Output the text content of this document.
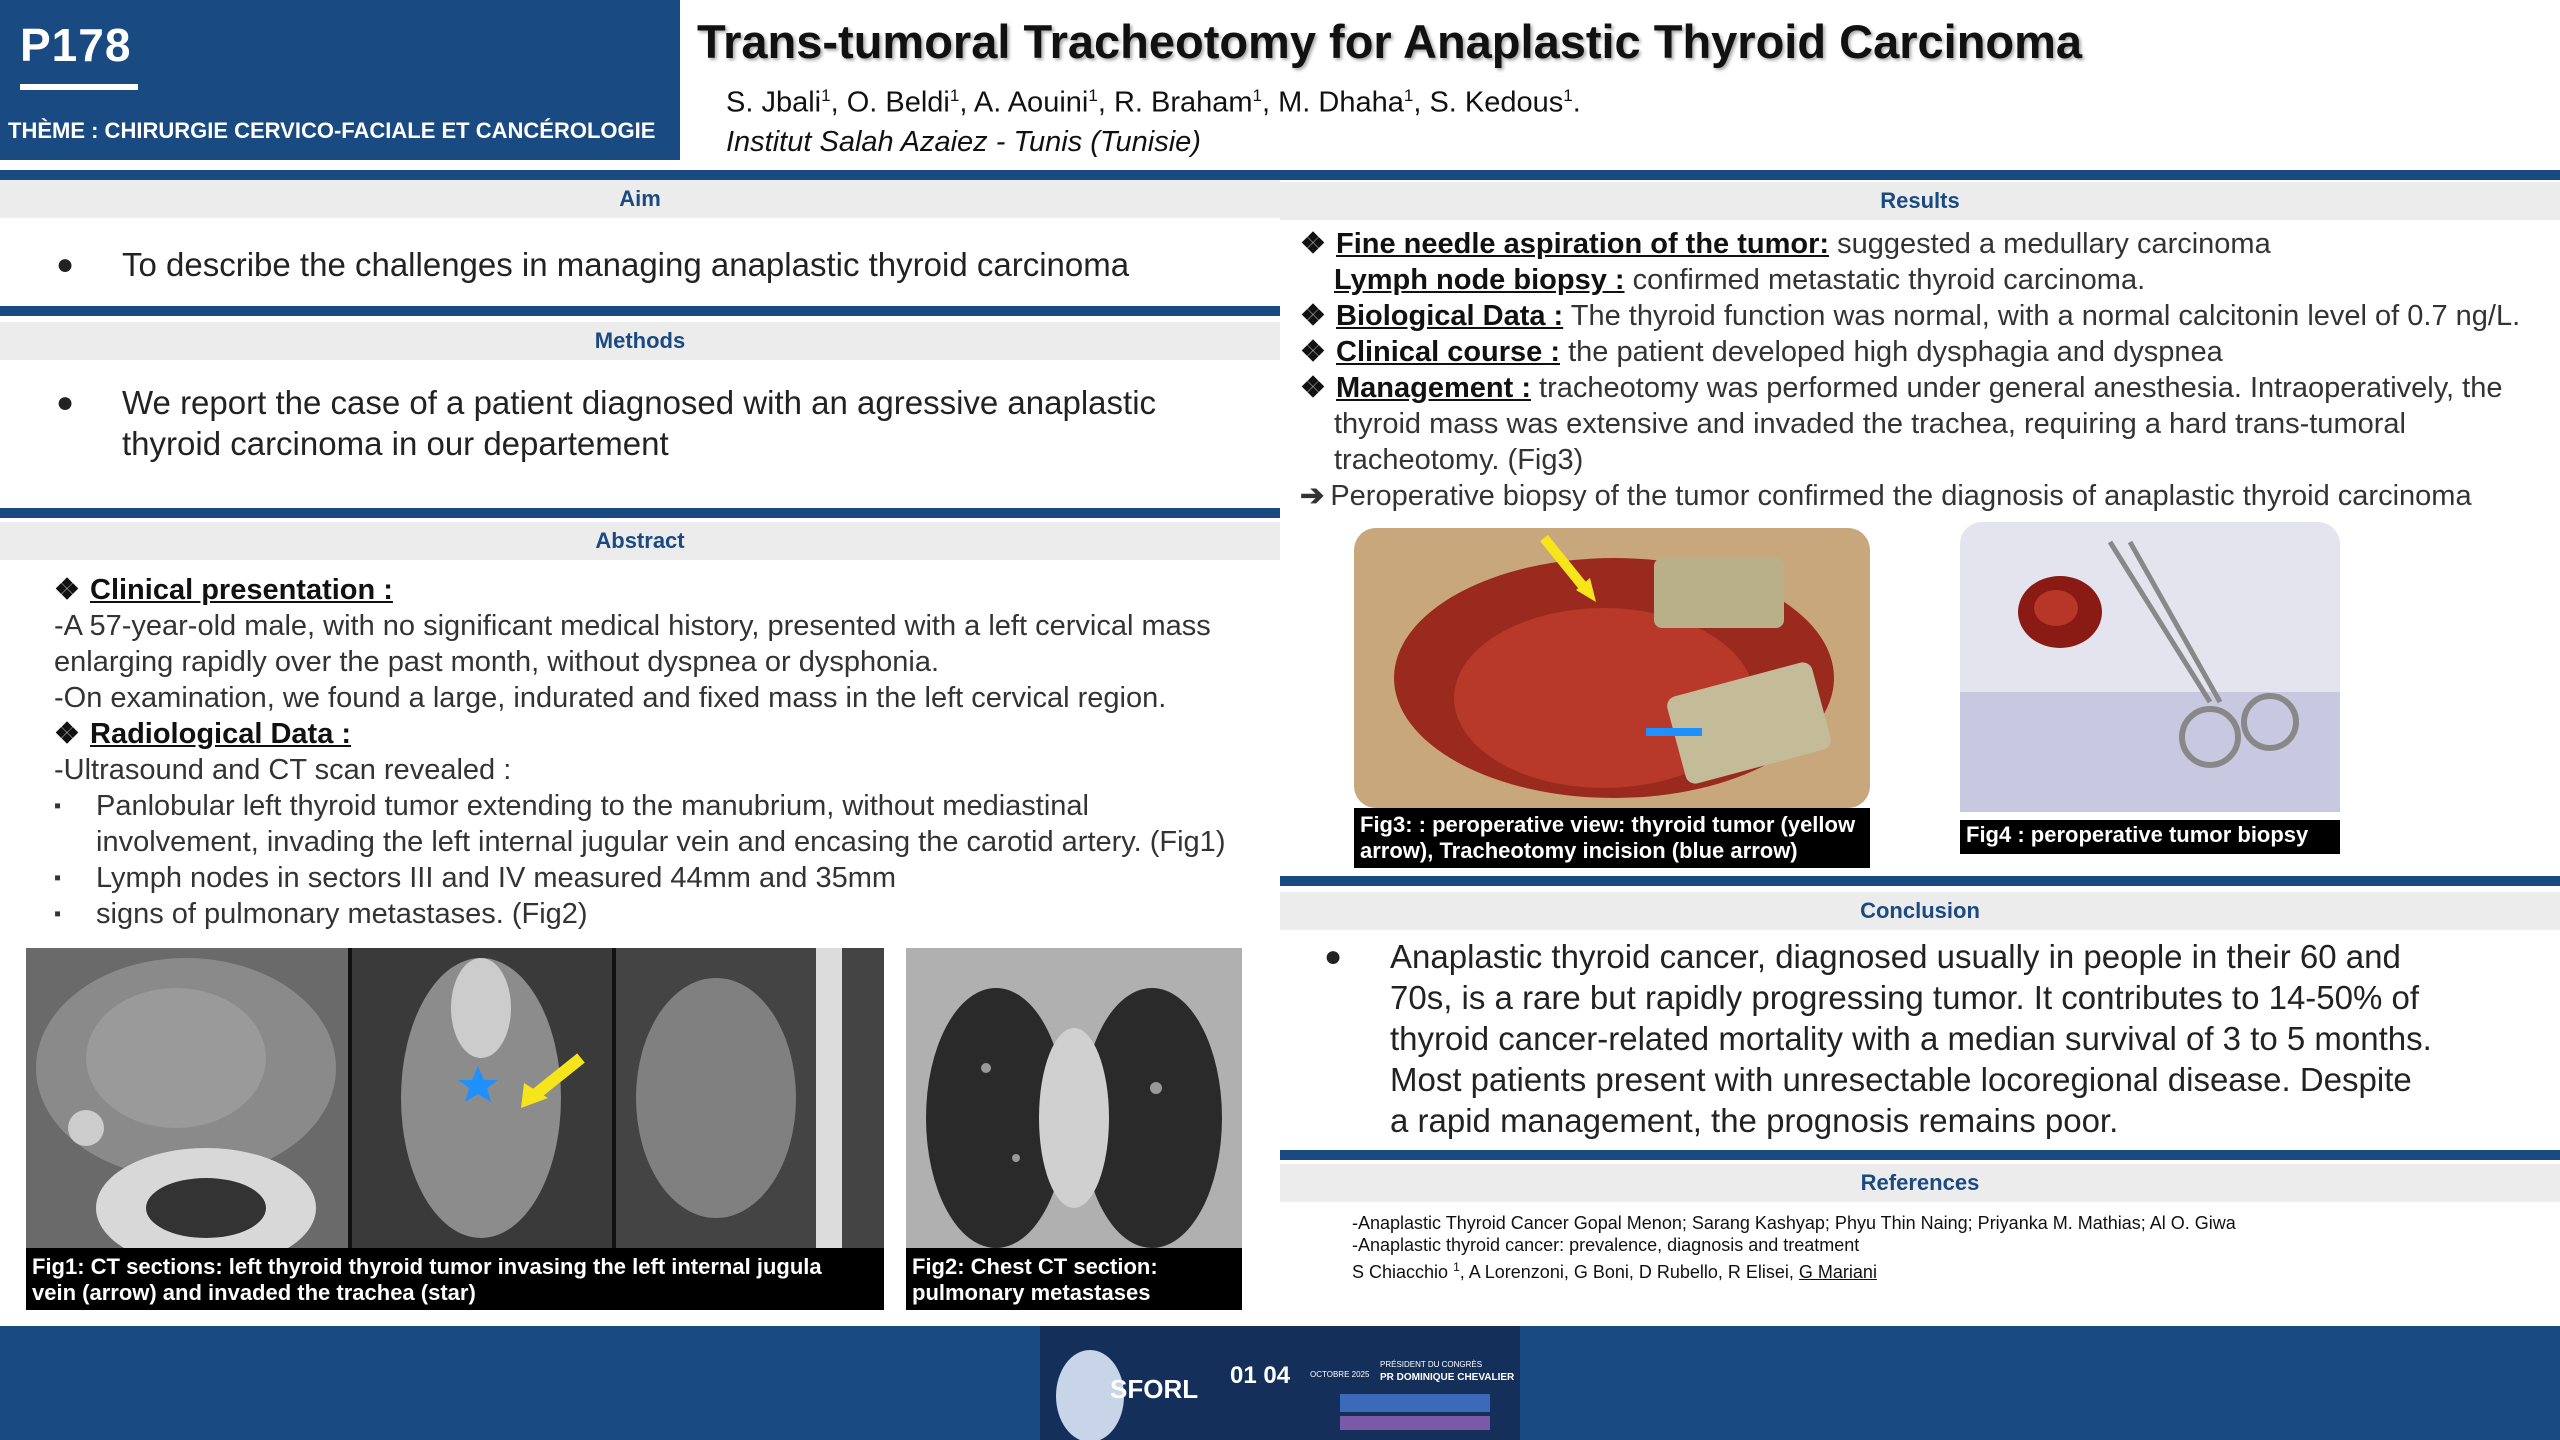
P178
THÈME : CHIRURGIE CERVICO-FACIALE ET CANCÉROLOGIE
Trans-tumoral Tracheotomy for Anaplastic Thyroid Carcinoma
S. Jbali$^1$, O. Beldi$^1$, A. Aouini$^1$, R. Braham$^1$, M. Dhaha$^1$, S. Kedous$^1$.
Institut Salah Azaiez - Tunis (Tunisie)
Aim
● To describe the challenges in managing anaplastic thyroid carcinoma
Methods
● We report the case of a patient diagnosed with an agressive anaplastic
thyroid carcinoma in our departement
Abstract
❖ Clinical presentation :
-A 57-year-old male, with no significant medical history, presented with a left cervical mass
enlarging rapidly over the past month, without dyspnea or dysphonia.
-On examination, we found a large, indurated and fixed mass in the left cervical region.
❖ Radiological Data :
-Ultrasound and CT scan revealed :
▪ Panlobular left thyroid tumor extending to the manubrium, without mediastinal
involvement, invading the left internal jugular vein and encasing the carotid artery. (Fig1)
▪ Lymph nodes in sectors III and IV measured 44mm and 35mm
▪ signs of pulmonary metastases. (Fig2)
Fig1: CT sections: left thyroid thyroid tumor invasing the left internal jugula
vein (arrow) and invaded the trachea (star)
Fig2: Chest CT section:
pulmonary metastases
Results
❖ Fine needle aspiration of the tumor: suggested a medullary carcinoma
Lymph node biopsy : confirmed metastatic thyroid carcinoma.
❖ Biological Data : The thyroid function was normal, with a normal calcitonin level of 0.7 ng/L.
❖ Clinical course : the patient developed high dysphagia and dyspnea
❖ Management : tracheotomy was performed under general anesthesia. Intraoperatively, the
thyroid mass was extensive and invaded the trachea, requiring a hard trans-tumoral
tracheotomy. (Fig3)
➔ Peroperative biopsy of the tumor confirmed the diagnosis of anaplastic thyroid carcinoma
Fig3: : peroperative view: thyroid tumor (yellow
arrow), Tracheotomy incision (blue arrow)
Fig4 : peroperative tumor biopsy
Conclusion
● Anaplastic thyroid cancer, diagnosed usually in people in their 60 and
70s, is a rare but rapidly progressing tumor. It contributes to 14-50% of
thyroid cancer-related mortality with a median survival of 3 to 5 months.
Most patients present with unresectable locoregional disease. Despite
a rapid management, the prognosis remains poor.
References
-Anaplastic Thyroid Cancer Gopal Menon; Sarang Kashyap; Phyu Thin Naing; Priyanka M. Mathias; Al O. Giwa
-Anaplastic thyroid cancer: prevalence, diagnosis and treatment
S Chiacchio $^1$, A Lorenzoni, G Boni, D Rubello, R Elisei, G Mariani
SFORL 01 04 OCTOBRE 2025
PRÉSIDENT DU CONGRÈS
PR DOMINIQUE CHEVALIER
